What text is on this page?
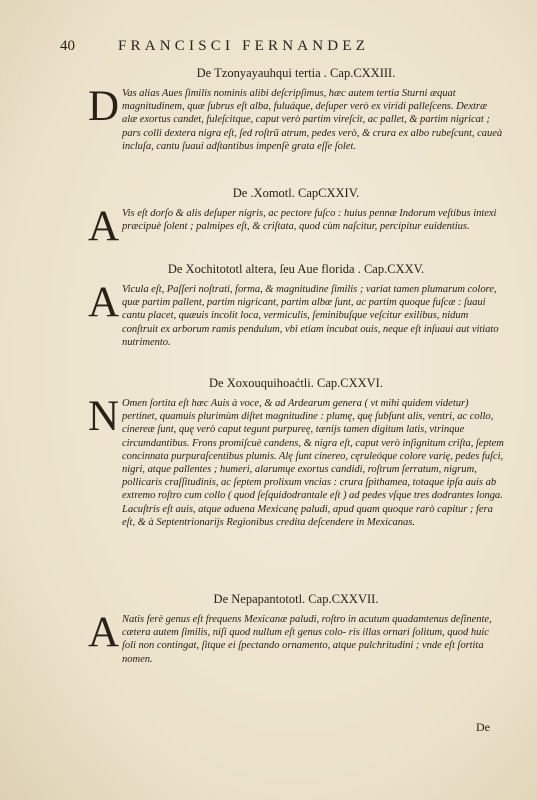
40	FRANCISCI FERNANDEZ
De Tzonyayauhqui tertia . Cap.CXXIII.
D Vas alias Aues ſimilis nominis alibi deſcripſimus, hæc autem tertia Sturni æquat magnitudinem, quæ ſubrus eſt alba, fuluáque, deſuper verò ex viridi palleſcens. Dextræ alæ exortus candet, fuleſcitque, caput verò partim vireſcit, ac pallet, & partim nigricat ; pars colli dextera nigra eſt, ſed roſtrũ atrum, pedes verò, & crura ex albo rubeſcunt, caueà incluſa, cantu ſuaui adſtantibus impenſè grata eſſe ſolet.
De .Xomotl. CapCXXIV.
A Vis eſt dorſo & alis deſuper nigris, ac pectore fuſco : huius pennæ Indorum veſtibus intexi præcipuè ſolent ; palmipes eſt, & criſtata, quod cùm naſcitur, percipitur euidentius.
De Xochitototl altera, ſeu Aue florida . Cap.CXXV.
A Vicula eſt, Paſſeri noſtrati, forma, & magnitudine ſimilis ; variat tamen plumarum colore, quæ partim pallent, partim nigricant, partim albæ ſunt, ac partim quoque fuſcæ : ſuaui cantu placet, quæuis incolit loca, vermiculis, ſeminibuſque veſcitur exilibus, nidum conſtruit ex arborum ramis pendulum, vbi etiam incubat ouis, neque eſt inſuaui aut vitiato nutrimento.
De Xoxouquihoaćtli. Cap.CXXVI.
N Omen ſortita eſt hæc Auis à voce, & ad Ardearum genera ( vt mihi quidem videtur) pertinet, quamuis plurimùm diſtet magnitudine : plumę, quę ſubſunt alis, ventri, ac collo, cinereæ ſunt, quę verò caput tegunt purpureę, tænijs tamen digitum latis, vtrinque circumdantibus. Frons promiſcuè candens, & nigra eſt, caput verò inſignitum criſta, ſeptem concinnata purpuraſcentibus plumis. Alę ſunt cinereo, cęruleóque colore varię, pedes fuſci, nigri, atque pallentes ; humeri, alarumųe exortus candidi, roſtrum ſerratum, nigrum, pollicaris craſſitudinis, ac ſeptem prolixum vncias : crura ſpithamea, totaque ipſa auis ab extremo roſtro cum collo ( quod ſeſquidodrantale eſt ) ad pedes vſque tres dodrantes longa. Lacuſtris eſt auis, atque aduena Mexicanę paludi, apud quam quoque rarò capitur ; fera eſt, & à Septentrionarijs Regionibus credita deſcendere in Mexicanas.
De Nepapantototl. Cap.CXXVII.
A Natis ferè genus eſt frequens Mexicanæ paludi, roſtro in acutum quadamtenus deſinente, cætera autem ſimilis, niſi quod nullum eſt genus colo- ris illas ornari ſolitum, quod huic ſoli non contingat, ſitque ei ſpectando ornamento, atque pulchritudini ; vnde eſt ſortita nomen.
De
